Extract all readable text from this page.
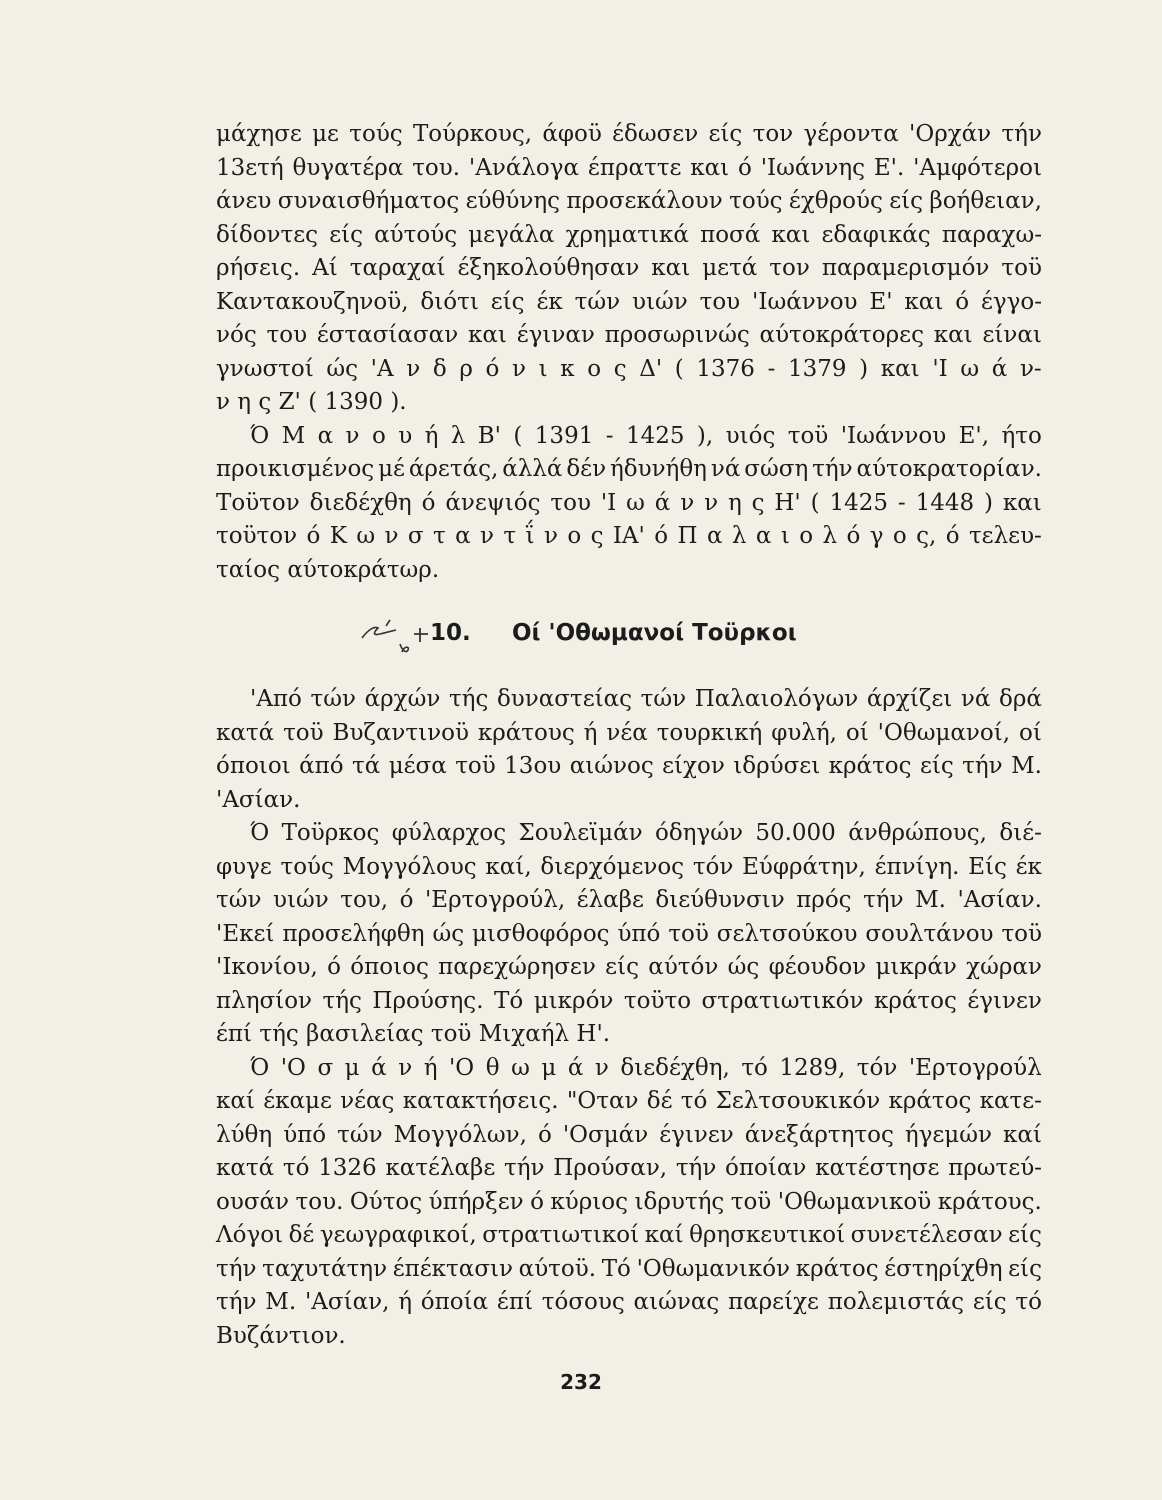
μάχησε με τούς Τούρκους, άφοϋ έδωσεν είς τον γέροντα 'Ορχάν τήν
13ετή θυγατέρα του. 'Ανάλογα έπραττε και ό 'Ιωάννης Ε'. 'Αμφότεροι
άνευ συναισθήματος εύθύνης προσεκάλουν τούς έχθρούς είς βοήθειαν,
δίδοντες είς αύτούς μεγάλα χρηματικά ποσά και εδαφικάς παραχω-
ρήσεις. Αί ταραχαί έξηκολούθησαν και μετά τον παραμερισμόν τοϋ
Καντακουζηνοϋ, διότι είς έκ τών υιών του 'Ιωάννου Ε' και ό έγγο-
νός του έστασίασαν και έγιναν προσωρινώς αύτοκράτορες και είναι
γνωστοί ώς 'Α ν δ ρ ό ν ι κ ο ς Δ' ( 1376 - 1379 ) και 'Ι ω ά ν-
ν η ς Ζ' ( 1390 ).
Ό Μ α ν ο υ ή λ Β' ( 1391 - 1425 ), υιός τοϋ 'Ιωάννου Ε', ήτο
προικισμένος μέ άρετάς, άλλά δέν ήδυνήθη νά σώση τήν αύτοκρατορίαν.
Τοϋτον διεδέχθη ό άνεψιός του 'Ι ω ά ν ν η ς Η' ( 1425 - 1448 ) και
τοϋτον ό Κ ω ν σ τ α ν τ ΐ ν ο ς ΙΑ' ό Π α λ α ι ο λ ό γ ο ς, ό τελευ-
ταίος αύτοκράτωρ.
10. Οί 'Οθωμανοί Τοϋρκοι
'Από τών άρχών τής δυναστείας τών Παλαιολόγων άρχίζει νά δρά
κατά τοϋ Βυζαντινοϋ κράτους ή νέα τουρκική φυλή, οί 'Οθωμανοί, οί
όποιοι άπό τά μέσα τοϋ 13ου αιώνος είχον ιδρύσει κράτος είς τήν Μ.
'Ασίαν.
Ό Τοϋρκος φύλαρχος Σουλεϊμάν όδηγών 50.000 άνθρώπους, διέ-
φυγε τούς Μογγόλους καί, διερχόμενος τόν Εύφράτην, έπνίγη. Είς έκ
τών υιών του, ό 'Ερτογρούλ, έλαβε διεύθυνσιν πρός τήν Μ. 'Ασίαν.
'Εκεί προσελήφθη ώς μισθοφόρος ύπό τοϋ σελτσούκου σουλτάνου τοϋ
'Ικονίου, ό όποιος παρεχώρησεν είς αύτόν ώς φέουδον μικράν χώραν
πλησίον τής Προύσης. Τό μικρόν τοϋτο στρατιωτικόν κράτος έγινεν
έπί τής βασιλείας τοϋ Μιχαήλ Η'.
Ό 'Ο σ μ ά ν ή 'Ο θ ω μ ά ν διεδέχθη, τό 1289, τόν 'Ερτογρούλ
καί έκαμε νέας κατακτήσεις. "Οταν δέ τό Σελτσουκικόν κράτος κατε-
λύθη ύπό τών Μογγόλων, ό 'Οσμάν έγινεν άνεξάρτητος ήγεμών καί
κατά τό 1326 κατέλαβε τήν Προύσαν, τήν όποίαν κατέστησε πρωτεύ-
ουσάν του. Ούτος ύπήρξεν ό κύριος ιδρυτής τοϋ 'Οθωμανικοϋ κράτους.
Λόγοι δέ γεωγραφικοί, στρατιωτικοί καί θρησκευτικοί συνετέλεσαν είς
τήν ταχυτάτην έπέκτασιν αύτοϋ. Τό 'Οθωμανικόν κράτος έστηρίχθη είς
τήν Μ. 'Ασίαν, ή όποία έπί τόσους αιώνας παρείχε πολεμιστάς είς τό
Βυζάντιον.
232
